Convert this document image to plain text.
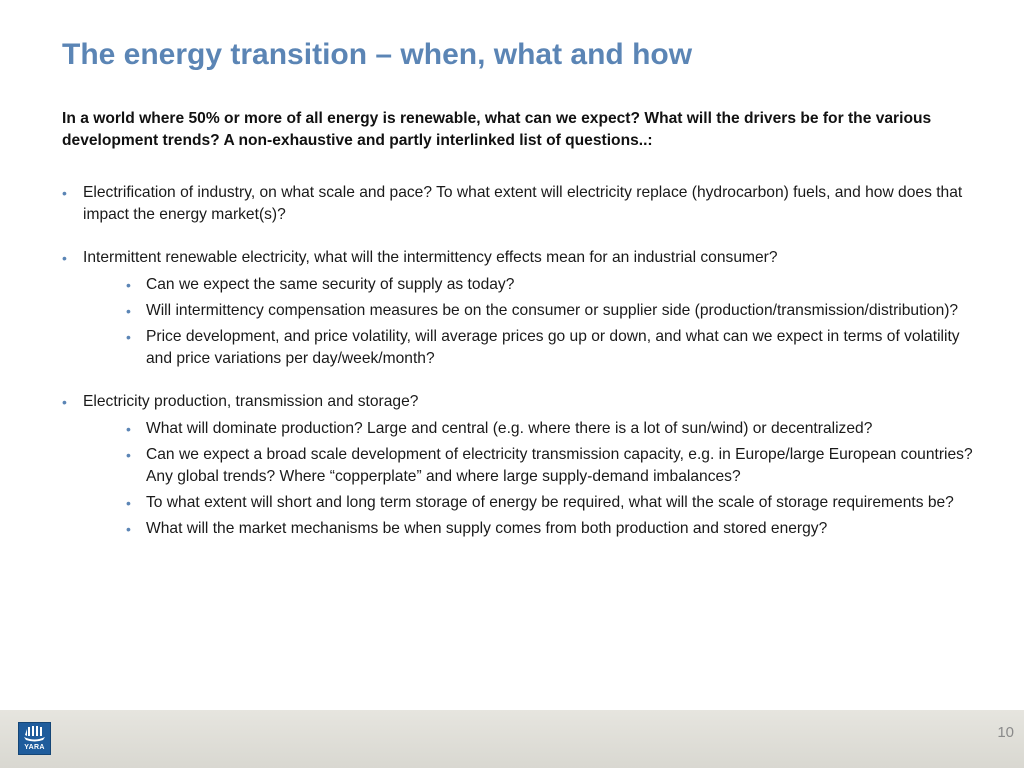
The energy transition – when, what and how
In a world where 50% or more of all energy is renewable, what can we expect? What will the drivers be for the various development trends? A non-exhaustive and partly interlinked list of questions..:
• Electrification of industry, on what scale and pace? To what extent will electricity replace (hydrocarbon) fuels, and how does that impact the energy market(s)?
• Intermittent renewable electricity, what will the intermittency effects mean for an industrial consumer?
• Can we expect the same security of supply as today?
• Will intermittency compensation measures be on the consumer or supplier side (production/transmission/distribution)?
• Price development, and price volatility, will average prices go up or down, and what can we expect in terms of volatility and price variations per day/week/month?
• Electricity production, transmission and storage?
• What will dominate production? Large and central (e.g. where there is a lot of sun/wind) or decentralized?
• Can we expect a broad scale development of electricity transmission capacity, e.g. in Europe/large European countries? Any global trends? Where “copperplate” and where large supply-demand imbalances?
• To what extent will short and long term storage of energy be required, what will the scale of storage requirements be?
• What will the market mechanisms be when supply comes from both production and stored energy?
YARA
10
